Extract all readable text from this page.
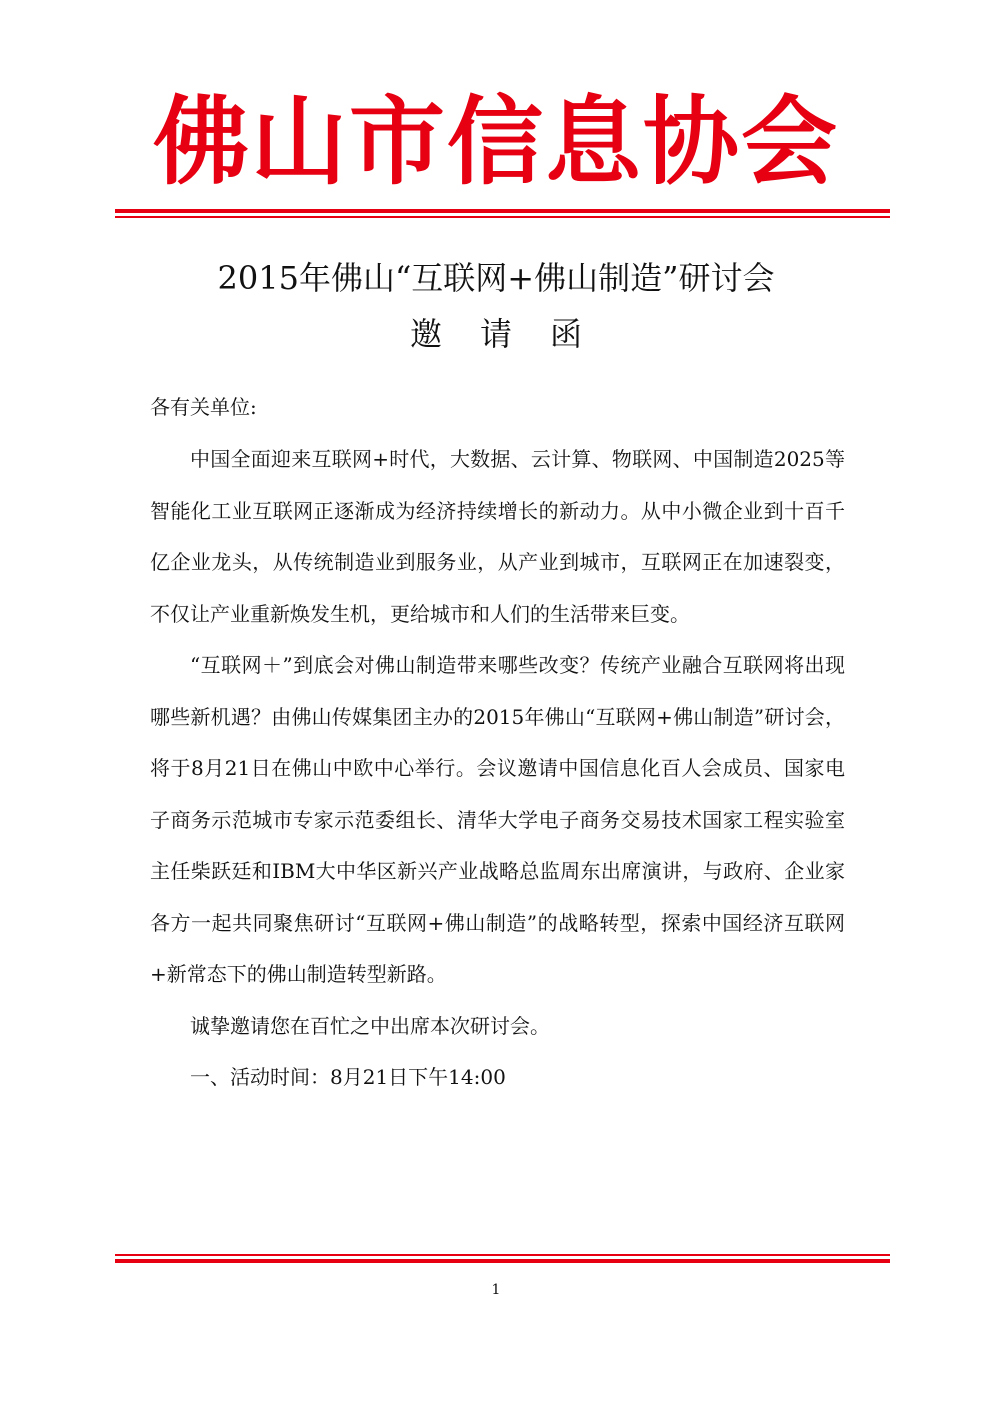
佛山市信息协会
2015年佛山“互联网+佛山制造”研讨会
邀请函
各有关单位:

中国全面迎来互联网+时代，大数据、云计算、物联网、中国制造2025等智能化工业互联网正逐渐成为经济持续增长的新动力。从中小微企业到十百千亿企业龙头，从传统制造业到服务业，从产业到城市，互联网正在加速裂变，不仅让产业重新焕发生机，更给城市和人们的生活带来巨变。

“互联网＋”到底会对佛山制造带来哪些改变？传统产业融合互联网将出现哪些新机遇？由佛山传媒集团主办的2015年佛山“互联网+佛山制造”研讨会，将于8月21日在佛山中欧中心举行。会议邀请中国信息化百人会成员、国家电子商务示范城市专家示范委组长、清华大学电子商务交易技术国家工程实验室主任柴跃廷和IBM大中华区新兴产业战略总监周东出席演讲，与政府、企业家各方一起共同聚焦研讨“互联网+佛山制造”的战略转型，探索中国经济互联网+新常态下的佛山制造转型新路。

诚挚邀请您在百忙之中出席本次研讨会。

一、活动时间：8月21日下午14:00

1
